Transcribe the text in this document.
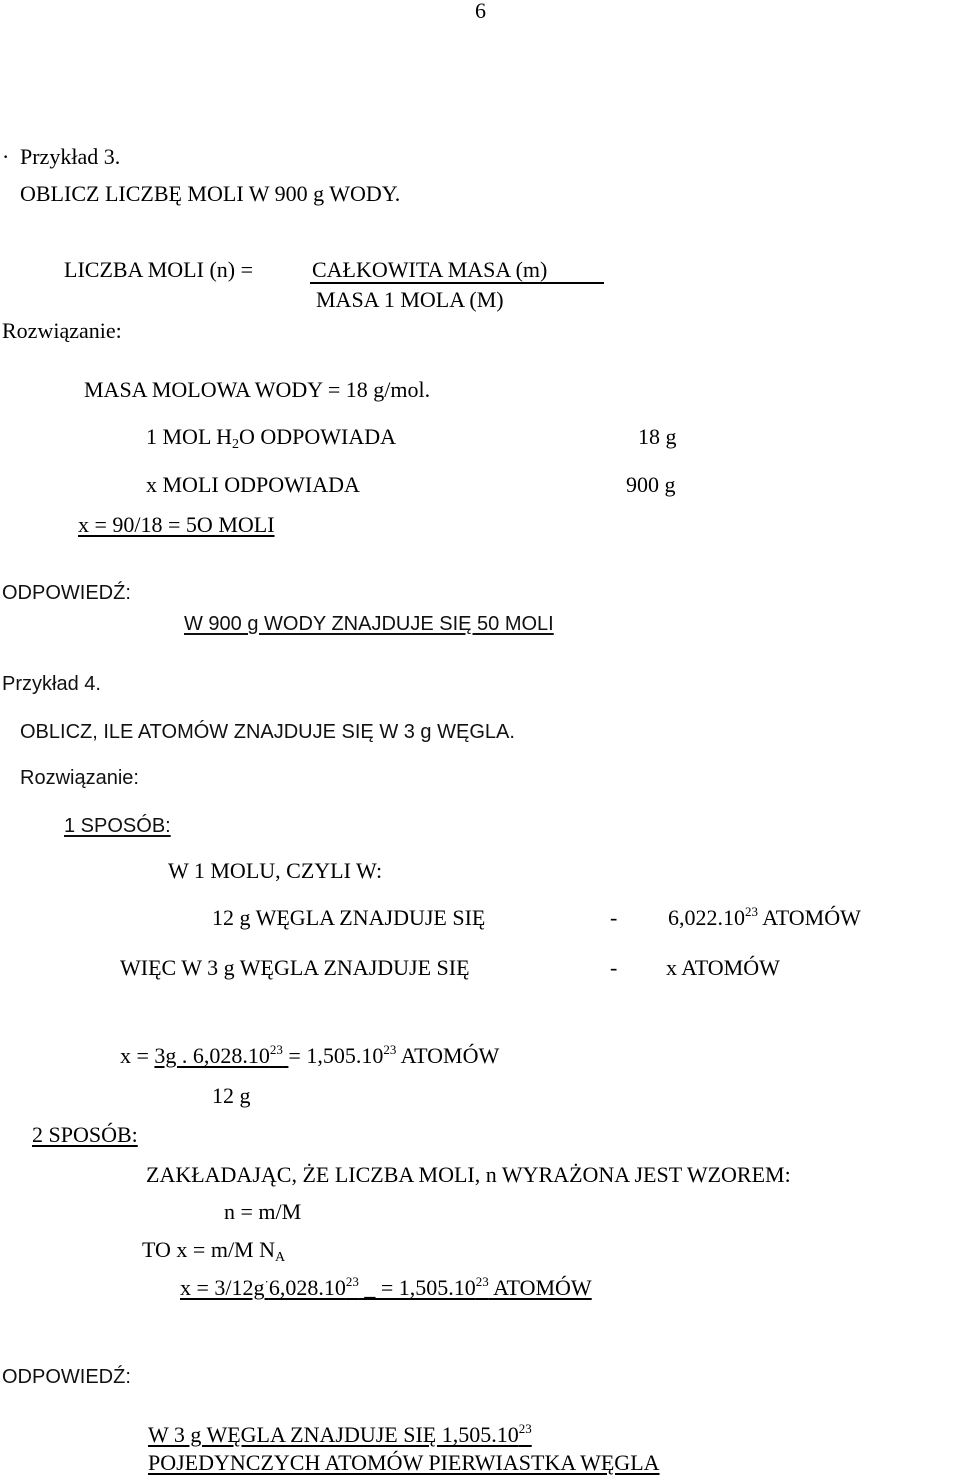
6
· Przykład 3.
OBLICZ LICZBĘ MOLI W 900 g WODY.
LICZBA MOLI (n) =	CAŁKOWITA MASA (m)
MASA 1 MOLA (M)
Rozwiązanie:
MASA MOLOWA WODY = 18 g/mol.
1 MOL $H_2O$ ODPOWIADA	18 g
x MOLI ODPOWIADA	900 g
x = 90/18 = 5O MOLI
ODPOWIEDŹ:
W 900 g WODY ZNAJDUJE SIĘ 50 MOLI
Przykład 4.
OBLICZ, ILE ATOMÓW ZNAJDUJE SIĘ W 3 g WĘGLA.
Rozwiązanie:
1 SPOSÓB:
W 1 MOLU, CZYLI W:
12 g WĘGLA ZNAJDUJE SIĘ	- 6,022.10$^{23}$ ATOMÓW
WIĘC W 3 g WĘGLA ZNAJDUJE SIĘ	- x ATOMÓW
x = 3g . $6,028.10^{23} = 1,505.10^{23}$ ATOMÓW
12 g
2 SPOSÓB:
ZAKŁADAJĄC, ŻE LICZBA MOLI, n WYRAŻONA JEST WZOREM:
n = m/M
TO x = m/M $N_A$
$x = 3/12g^\cdot 6,028.10^{23}$ _ = $1,505.10^{23}$ ATOMÓW
ODPOWIEDŹ:
W 3 g WĘGLA ZNAJDUJE SIĘ 1,505.10$^{23}$
POJEDYNCZYCH ATOMÓW PIERWIASTKA WĘGLA
